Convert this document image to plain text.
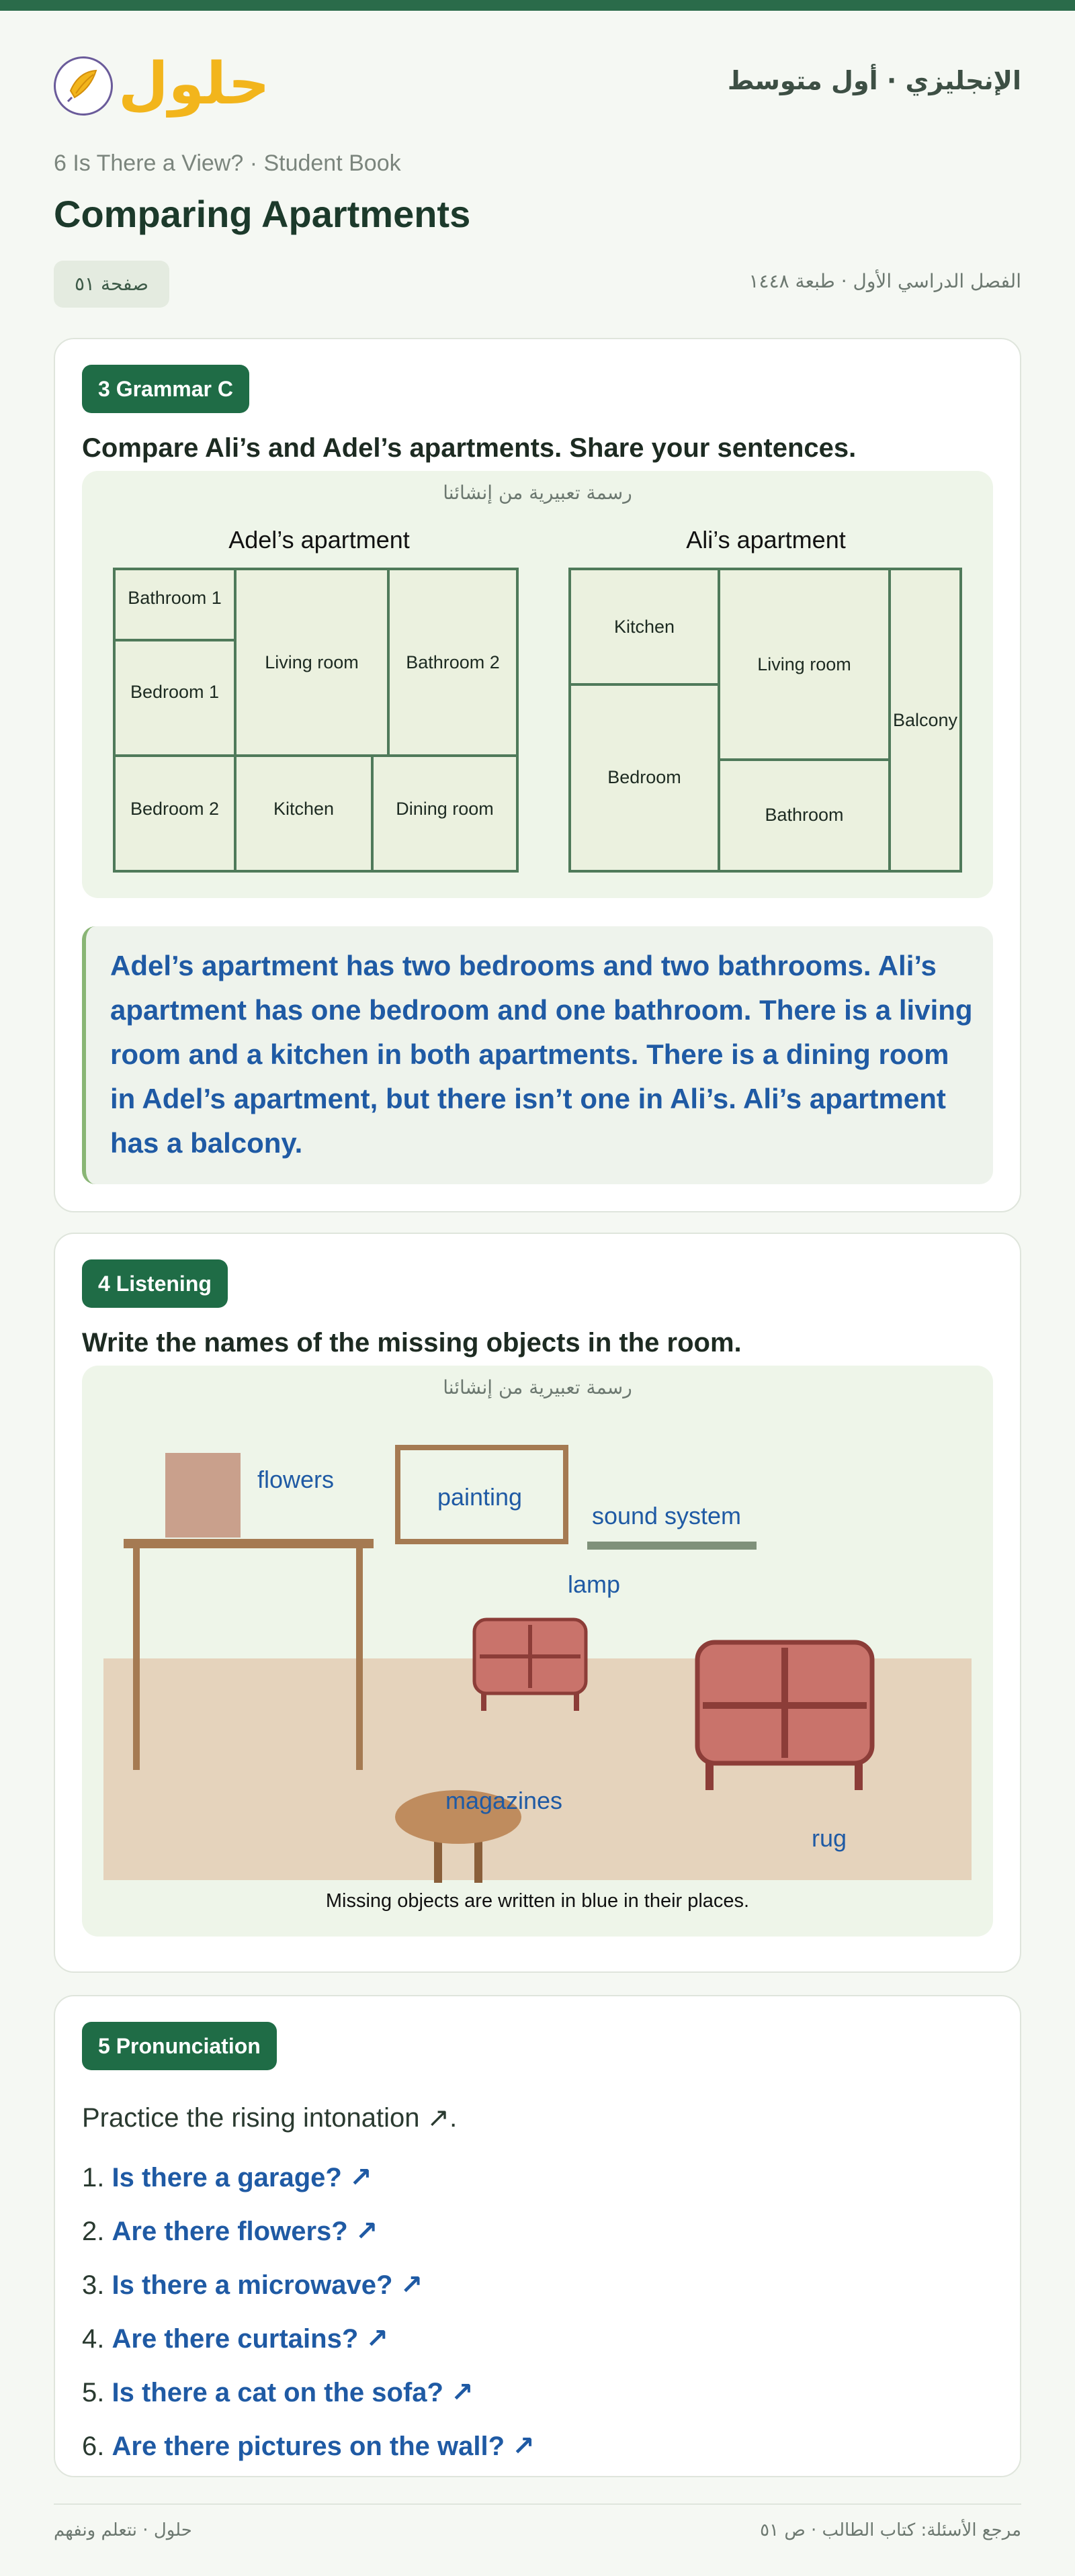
حلول	الإنجليزي · أول متوسط
6 Is There a View? · Student Book
Comparing Apartments
صفحة ٥١	الفصل الدراسي الأول · طبعة ١٤٤٨
3 Grammar C
Compare Ali’s and Adel’s apartments. Share your sentences.
رسمة تعبيرية من إنشائنا
Adel’s apartment	Ali’s apartment
Bathroom 1
Living room	Bathroom 2
Bedroom 1
Bedroom 2	Kitchen	Dining room
Kitchen
Living room
Balcony
Bedroom
Bathroom

Adel’s apartment has two bedrooms and two bathrooms. Ali’s apartment has one bedroom and one bathroom. There is a living room and a kitchen in both apartments. There is a dining room in Adel’s apartment, but there isn’t one in Ali’s. Ali’s apartment has a balcony.

4 Listening
Write the names of the missing objects in the room.
رسمة تعبيرية من إنشائنا
flowers
painting
sound system
lamp
magazines
rug
Missing objects are written in blue in their places.
5 Pronunciation
Practice the rising intonation ↗.
1. Is there a garage? ↗
2. Are there flowers? ↗
3. Is there a microwave? ↗
4. Are there curtains? ↗
5. Is there a cat on the sofa? ↗
6. Are there pictures on the wall? ↗
حلول · نتعلم ونفهم	مرجع الأسئلة: كتاب الطالب · ص ٥١
